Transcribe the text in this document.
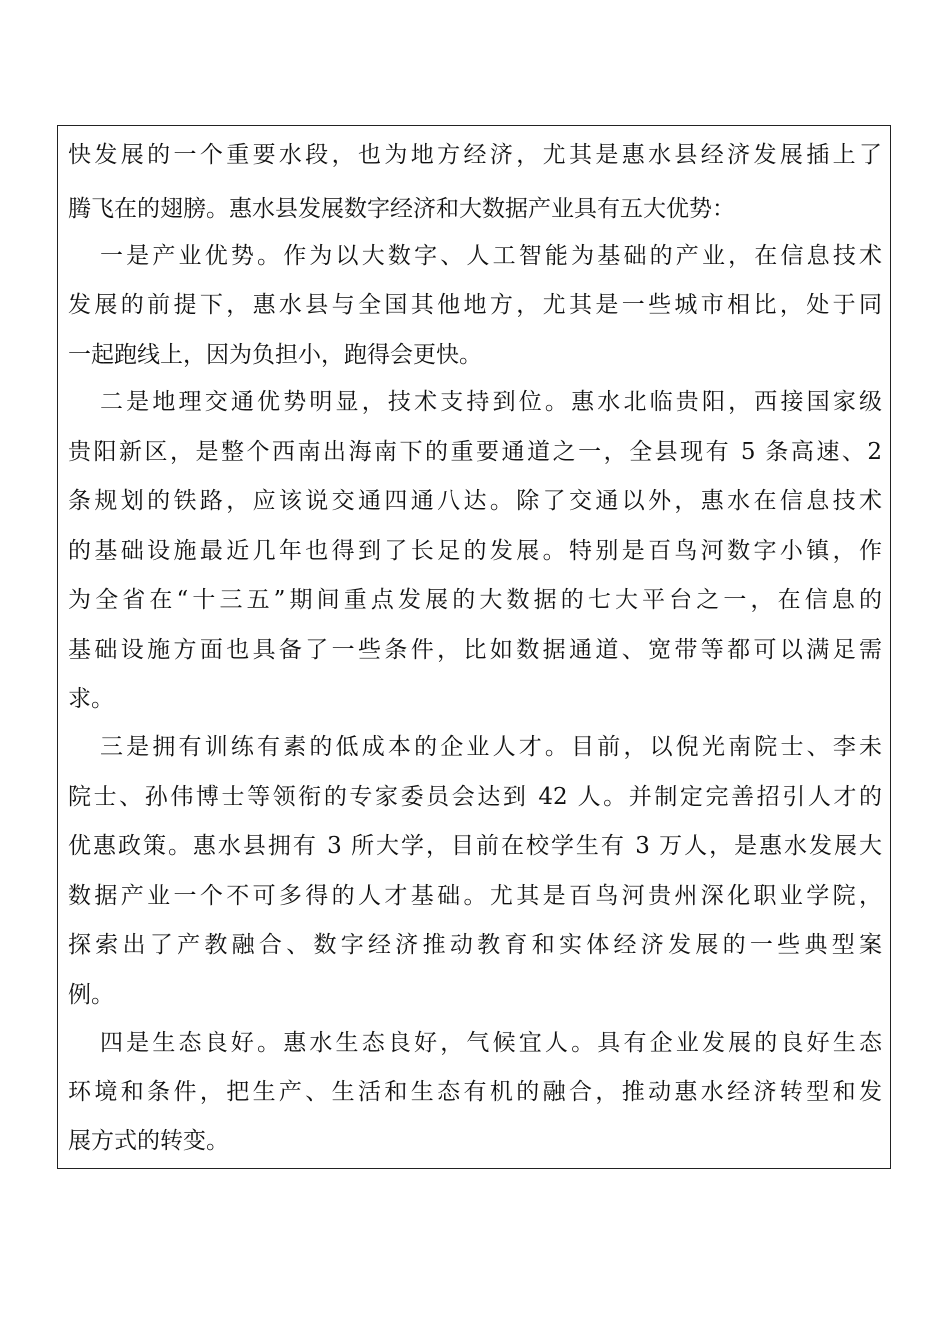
快发展的一个重要水段，也为地方经济，尤其是惠水县经济发展插上了
腾飞在的翅膀。惠水县发展数字经济和大数据产业具有五大优势：
一是产业优势。作为以大数字、人工智能为基础的产业，在信息技术
发展的前提下，惠水县与全国其他地方，尤其是一些城市相比，处于同
一起跑线上，因为负担小，跑得会更快。
二是地理交通优势明显，技术支持到位。惠水北临贵阳，西接国家级
贵阳新区，是整个西南出海南下的重要通道之一，全县现有 5 条高速、2
条规划的铁路，应该说交通四通八达。除了交通以外，惠水在信息技术
的基础设施最近几年也得到了长足的发展。特别是百鸟河数字小镇，作
为全省在“十三五”期间重点发展的大数据的七大平台之一，在信息的
基础设施方面也具备了一些条件，比如数据通道、宽带等都可以满足需
求。
三是拥有训练有素的低成本的企业人才。目前，以倪光南院士、李未
院士、孙伟博士等领衔的专家委员会达到 42 人。并制定完善招引人才的
优惠政策。惠水县拥有 3 所大学，目前在校学生有 3 万人，是惠水发展大
数据产业一个不可多得的人才基础。尤其是百鸟河贵州深化职业学院，
探索出了产教融合、数字经济推动教育和实体经济发展的一些典型案
例。
四是生态良好。惠水生态良好，气候宜人。具有企业发展的良好生态
环境和条件，把生产、生活和生态有机的融合，推动惠水经济转型和发
展方式的转变。
